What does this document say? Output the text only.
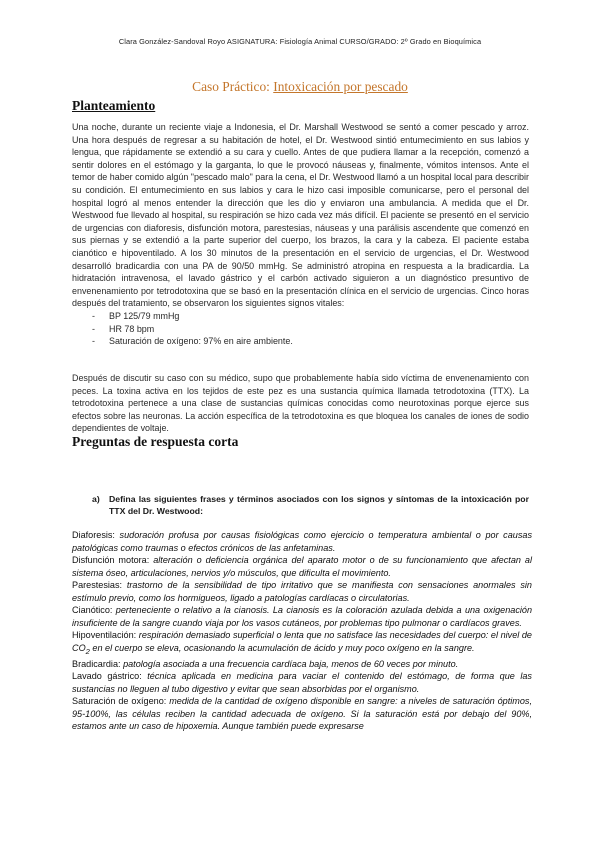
Clara González-Sandoval Royo ASIGNATURA: Fisiología Animal CURSO/GRADO: 2º Grado en Bioquímica
Caso Práctico: Intoxicación por pescado
Planteamiento

Una noche, durante un reciente viaje a Indonesia, el Dr. Marshall Westwood se sentó a comer pescado y arroz. Una hora después de regresar a su habitación de hotel, el Dr. Westwood sintió entumecimiento en sus labios y lengua, que rápidamente se extendió a su cara y cuello. Antes de que pudiera llamar a la recepción, comenzó a sentir dolores en el estómago y la garganta, lo que le provocó náuseas y, finalmente, vómitos intensos. Ante el temor de haber comido algún "pescado malo" para la cena, el Dr. Westwood llamó a un hospital local para describir su condición. El entumecimiento en sus labios y cara le hizo casi imposible comunicarse, pero el personal del hospital logró al menos entender la dirección que les dio y enviaron una ambulancia. A medida que el Dr. Westwood fue llevado al hospital, su respiración se hizo cada vez más difícil. El paciente se presentó en el servicio de urgencias con diaforesis, disfunción motora, parestesias, náuseas y una parálisis ascendente que comenzó en sus piernas y se extendió a la parte superior del cuerpo, los brazos, la cara y la cabeza. El paciente estaba cianótico e hipoventilado. A los 30 minutos de la presentación en el servicio de urgencias, el Dr. Westwood desarrolló bradicardia con una PA de 90/50 mmHg. Se administró atropina en respuesta a la bradicardia. La hidratación intravenosa, el lavado gástrico y el carbón activado siguieron a un diagnóstico presuntivo de envenenamiento por tetrodotoxina que se basó en la presentación clínica en el servicio de urgencias. Cinco horas después del tratamiento, se observaron los siguientes signos vitales:

- BP 125/79 mmHg
- HR 78 bpm
- Saturación de oxígeno: 97% en aire ambiente.

Después de discutir su caso con su médico, supo que probablemente había sido víctima de envenenamiento con peces. La toxina activa en los tejidos de este pez es una sustancia química llamada tetrodotoxina (TTX). La tetrodotoxina pertenece a una clase de sustancias químicas conocidas como neurotoxinas porque ejerce sus efectos sobre las neuronas. La acción específica de la tetrodotoxina es que bloquea los canales de iones de sodio dependientes de voltaje.

Preguntas de respuesta corta
a)	Defina las siguientes frases y términos asociados con los signos y síntomas de la intoxicación por TTX del Dr. Westwood:

Diaforesis: sudoración profusa por causas fisiológicas como ejercicio o temperatura ambiental o por causas patológicas como traumas o efectos crónicos de las anfetaminas.

Disfunción motora: alteración o deficiencia orgánica del aparato motor o de su funcionamiento que afectan al sistema óseo, articulaciones, nervios y/o músculos, que dificulta el movimiento.

Parestesias: trastorno de la sensibilidad de tipo irritativo que se manifiesta con sensaciones anormales sin estímulo previo, como los hormigueos, ligado a patologías cardíacas o circulatorias.

Cianótico: perteneciente o relativo a la cianosis. La cianosis es la coloración azulada debida a una oxigenación insuficiente de la sangre cuando viaja por los vasos cutáneos, por problemas tipo pulmonar o cardíacos graves.

Hipoventilación: respiración demasiado superficial o lenta que no satisface las necesidades del cuerpo: el nivel de $CO_2$ en el cuerpo se eleva, ocasionando la acumulación de ácido y muy poco oxígeno en la sangre.

Bradicardia: patología asociada a una frecuencia cardíaca baja, menos de 60 veces por minuto.

Lavado gástrico: técnica aplicada en medicina para vaciar el contenido del estómago, de forma que las sustancias no lleguen al tubo digestivo y evitar que sean absorbidas por el organismo.

Saturación de oxígeno: medida de la cantidad de oxígeno disponible en sangre: a niveles de saturación óptimos, 95-100%, las células reciben la cantidad adecuada de oxígeno. Si la saturación está por debajo del 90%, estamos ante un caso de hipoxemia. Aunque también puede expresarse
